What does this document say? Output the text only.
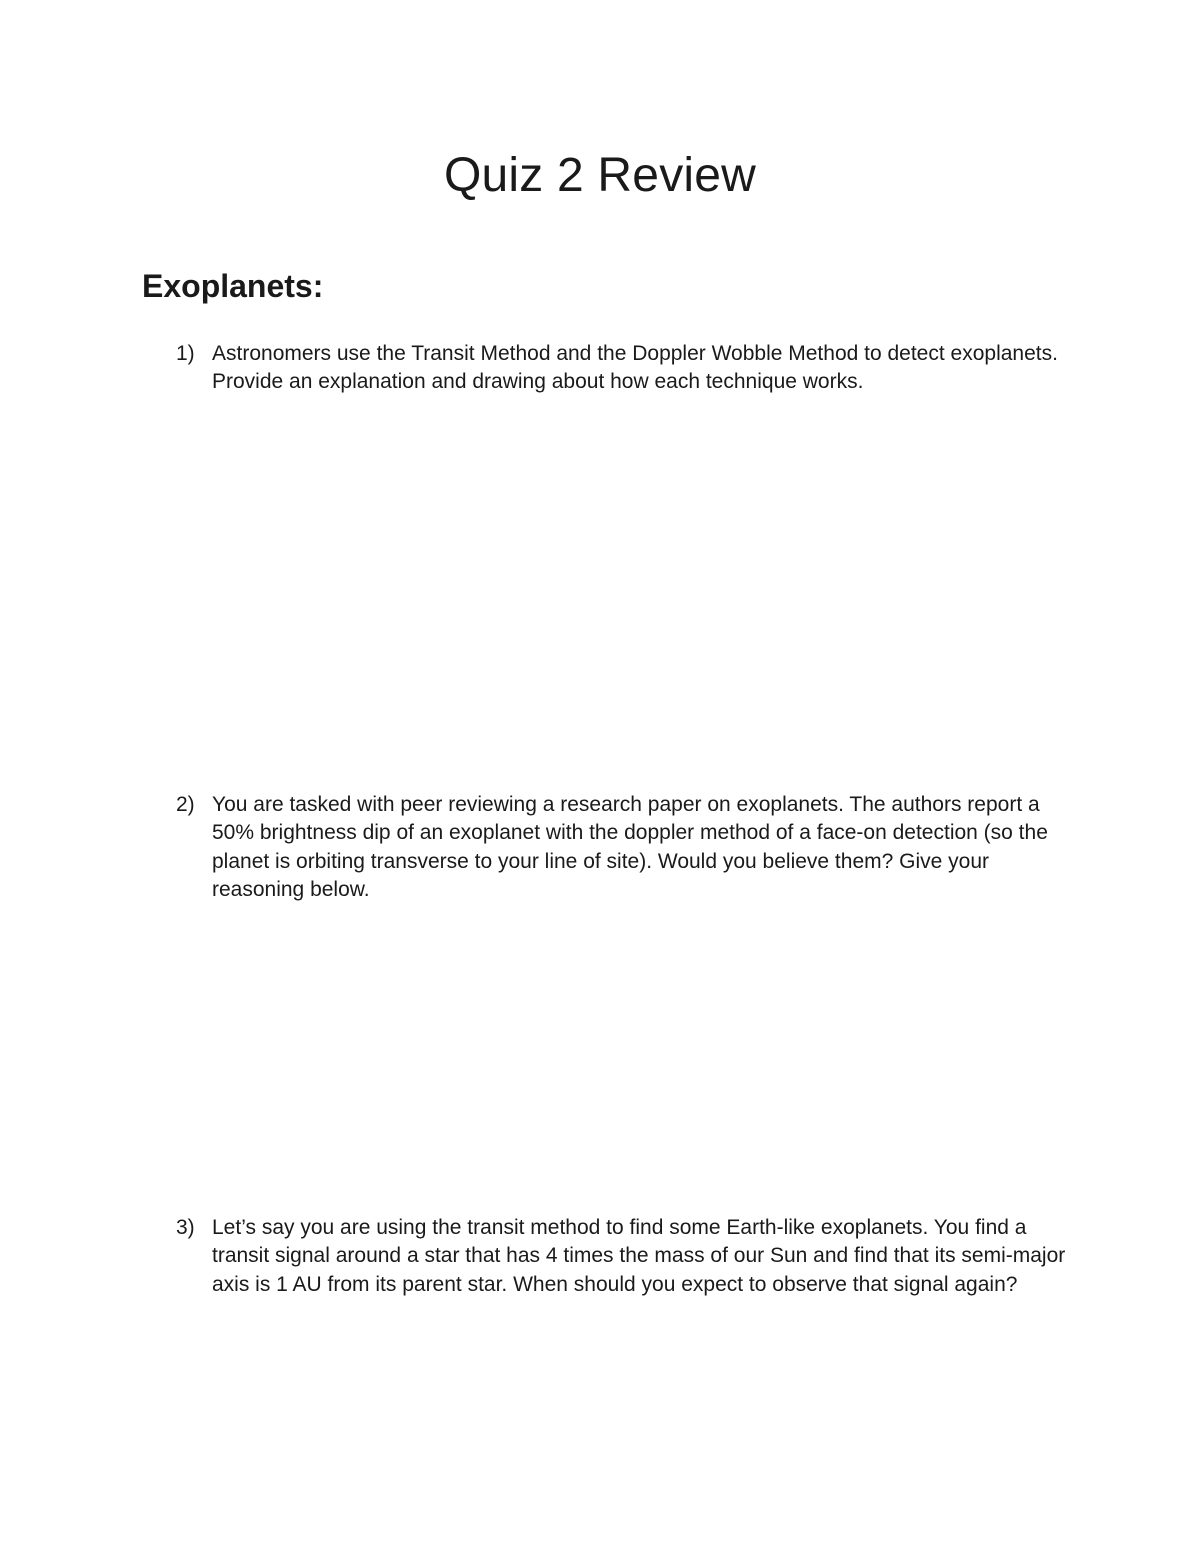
Quiz 2 Review
Exoplanets:
1) Astronomers use the Transit Method and the Doppler Wobble Method to detect exoplanets. Provide an explanation and drawing about how each technique works.
2) You are tasked with peer reviewing a research paper on exoplanets. The authors report a 50% brightness dip of an exoplanet with the doppler method of a face-on detection (so the planet is orbiting transverse to your line of site). Would you believe them? Give your reasoning below.
3) Let’s say you are using the transit method to find some Earth-like exoplanets. You find a transit signal around a star that has 4 times the mass of our Sun and find that its semi-major axis is 1 AU from its parent star. When should you expect to observe that signal again?
